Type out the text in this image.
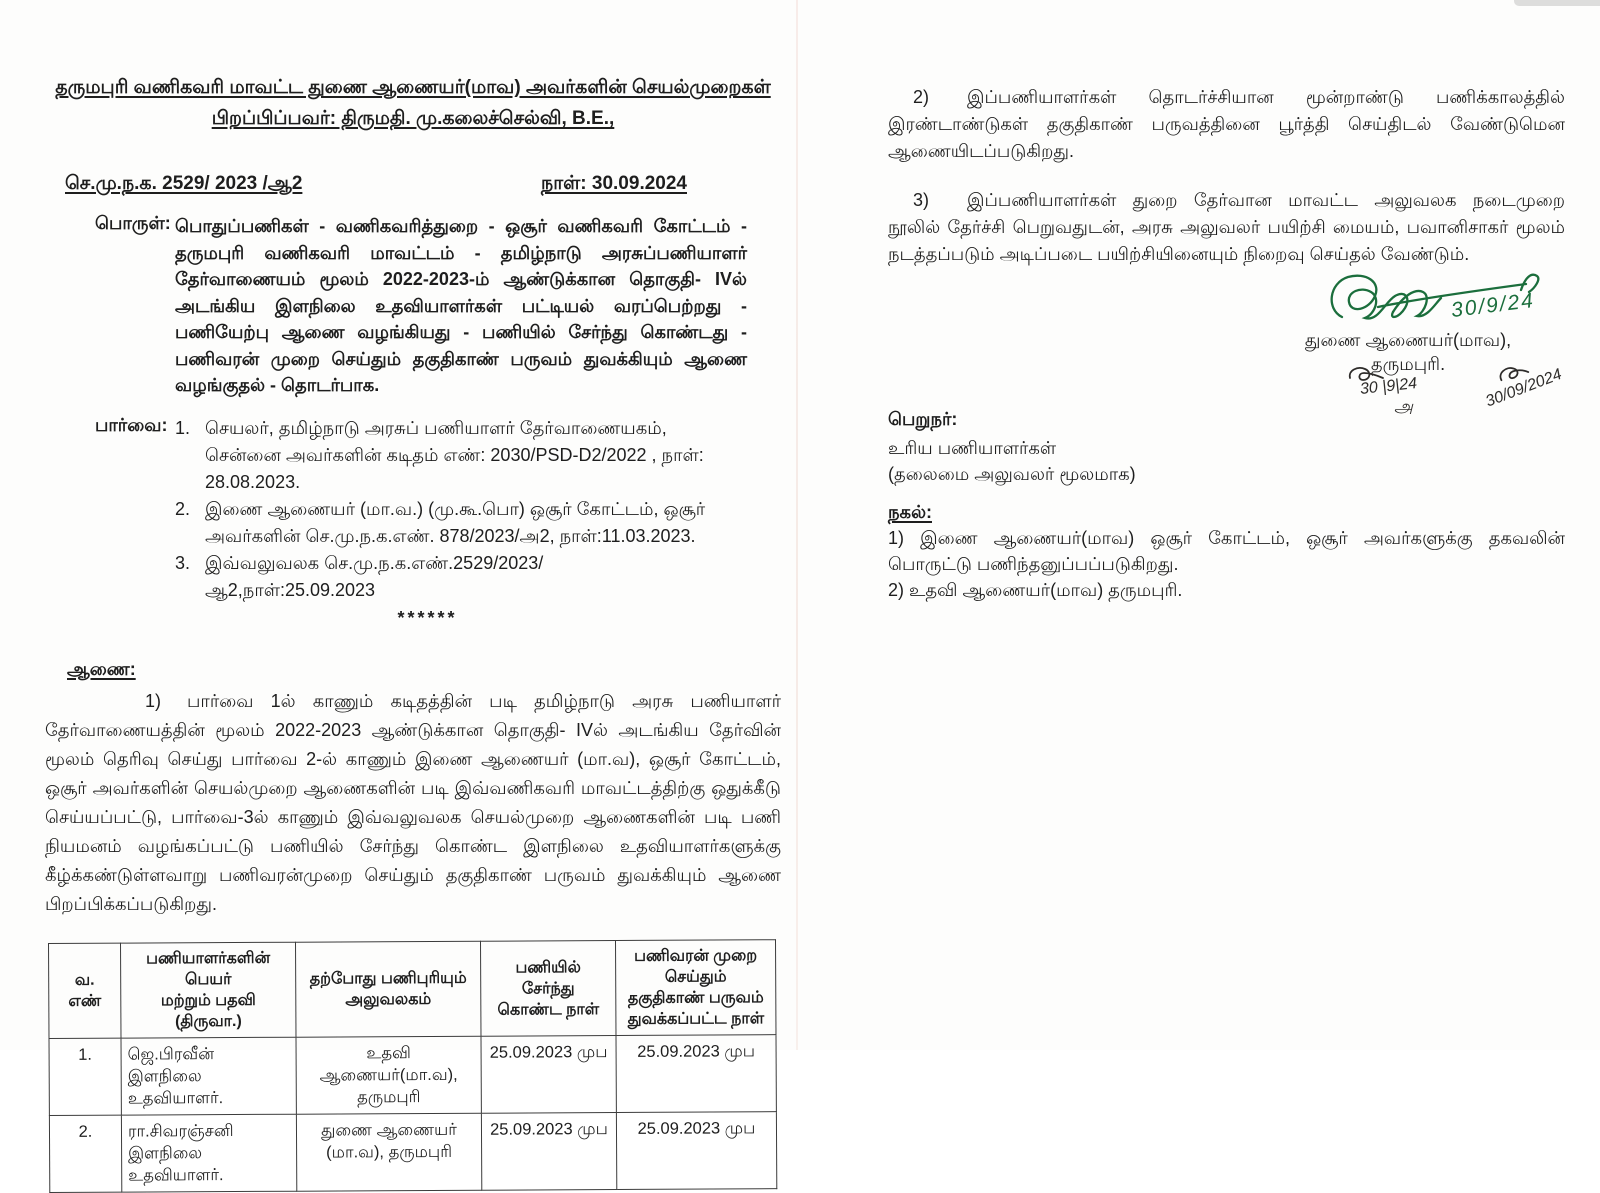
தருமபுரி வணிகவரி மாவட்ட துணை ஆணையர்(மாவ) அவர்களின் செயல்முறைகள்
பிறப்பிப்பவர்: திருமதி. மு.கலைச்செல்வி, B.E.,
செ.மு.ந.க. 2529/ 2023 /ஆ2	நாள்: 30.09.2024
பொருள்: பொதுப்பணிகள் - வணிகவரித்துறை - ஒசூர் வணிகவரி கோட்டம் - தருமபுரி வணிகவரி மாவட்டம் - தமிழ்நாடு அரசுப்பணியாளர் தேர்வாணையம் மூலம் 2022-2023-ம் ஆண்டுக்கான தொகுதி- IVல் அடங்கிய இளநிலை உதவியாளர்கள் பட்டியல் வரப்பெற்றது - பணியேற்பு ஆணை வழங்கியது - பணியில் சேர்ந்து கொண்டது - பணிவரன் முறை செய்தும் தகுதிகாண் பருவம் துவக்கியும் ஆணை வழங்குதல் - தொடர்பாக.
பார்வை: 1. செயலர், தமிழ்நாடு அரசுப் பணியாளர் தேர்வாணையகம், சென்னை அவர்களின் கடிதம் எண்: 2030/PSD-D2/2022 , நாள்: 28.08.2023.
2. இணை ஆணையர் (மா.வ.) (மு.கூ.பொ) ஒசூர் கோட்டம், ஒசூர் அவர்களின் செ.மு.ந.க.எண். 878/2023/அ2, நாள்:11.03.2023.
3. இவ்வலுவலக செ.மு.ந.க.எண்.2529/2023/ஆ2,நாள்:25.09.2023
******
ஆணை:

1) பார்வை 1ல் காணும் கடிதத்தின் படி தமிழ்நாடு அரசு பணியாளர் தேர்வாணையத்தின் மூலம் 2022-2023 ஆண்டுக்கான தொகுதி- IVல் அடங்கிய தேர்வின் மூலம் தெரிவு செய்து பார்வை 2-ல் காணும் இணை ஆணையர் (மா.வ), ஒசூர் கோட்டம், ஒசூர் அவர்களின் செயல்முறை ஆணைகளின் படி இவ்வணிகவரி மாவட்டத்திற்கு ஒதுக்கீடு செய்யப்பட்டு, பார்வை-3ல் காணும் இவ்வலுவலக செயல்முறை ஆணைகளின் படி பணி நியமனம் வழங்கப்பட்டு பணியில் சேர்ந்து கொண்ட இளநிலை உதவியாளர்களுக்கு கீழ்க்கண்டுள்ளவாறு பணிவரன்முறை செய்தும் தகுதிகாண் பருவம் துவக்கியும் ஆணை பிறப்பிக்கப்படுகிறது.

வ.
எண்	பணியாளர்களின்
பெயர்
மற்றும் பதவி
(திருவா.)	தற்போது பணிபுரியும்
அலுவலகம்	பணியில்
சேர்ந்து
கொண்ட நாள்	பணிவரன் முறை
செய்தும்
தகுதிகாண் பருவம்
துவக்கப்பட்ட நாள்
1.	ஜெ.பிரவீன்
இளநிலை உதவியாளர்.	உதவி
ஆணையர்(மா.வ),
தருமபுரி	25.09.2023 முப	25.09.2023 முப
2.	ரா.சிவரஞ்சனி
இளநிலை உதவியாளர்.	துணை ஆணையர்
(மா.வ), தருமபுரி	25.09.2023 முப	25.09.2023 முப

2) இப்பணியாளர்கள் தொடர்ச்சியான மூன்றாண்டு பணிக்காலத்தில் இரண்டாண்டுகள் தகுதிகாண் பருவத்தினை பூர்த்தி செய்திடல் வேண்டுமென ஆணையிடப்படுகிறது.

3) இப்பணியாளர்கள் துறை தேர்வான மாவட்ட அலுவலக நடைமுறை நூலில் தேர்ச்சி பெறுவதுடன், அரசு அலுவலர் பயிற்சி மையம், பவானிசாகர் மூலம் நடத்தப்படும் அடிப்படை பயிற்சியினையும் நிறைவு செய்தல் வேண்டும்.

30/9/24
துணை ஆணையர்(மாவ),
தருமபுரி.
30 |9|24
அ	30/09/2024
பெறுநர்:
உரிய பணியாளர்கள்
(தலைமை அலுவலர் மூலமாக)
நகல்:
1) இணை ஆணையர்(மாவ) ஒசூர் கோட்டம், ஒசூர் அவர்களுக்கு தகவலின் பொருட்டு பணிந்தனுப்பப்படுகிறது.
2) உதவி ஆணையர்(மாவ) தருமபுரி.
